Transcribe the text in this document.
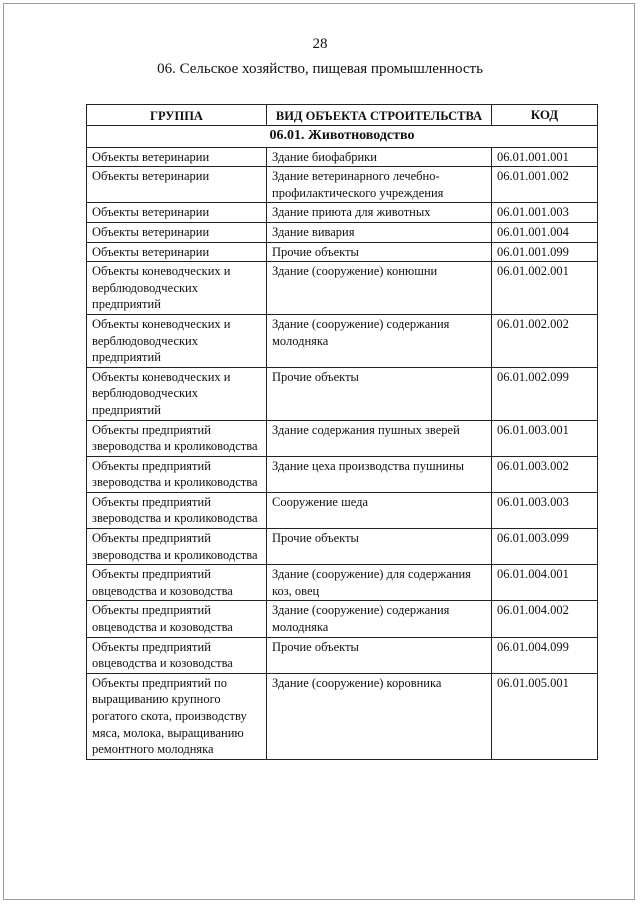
28
06. Сельское хозяйство, пищевая промышленность
ГРУППА	ВИД ОБЪЕКТА СТРОИТЕЛЬСТВА	КОД
06.01. Животноводство		
Объекты ветеринарии	Здание биофабрики	06.01.001.001
Объекты ветеринарии	Здание ветеринарного лечебно-профилактического учреждения	06.01.001.002
Объекты ветеринарии	Здание приюта для животных	06.01.001.003
Объекты ветеринарии	Здание вивария	06.01.001.004
Объекты ветеринарии	Прочие объекты	06.01.001.099
Объекты коневодческих и верблюдоводческих предприятий	Здание (сооружение) конюшни	06.01.002.001
Объекты коневодческих и верблюдоводческих предприятий	Здание (сооружение) содержания молодняка	06.01.002.002
Объекты коневодческих и верблюдоводческих предприятий	Прочие объекты	06.01.002.099
Объекты предприятий звероводства и кролиководства	Здание содержания пушных зверей	06.01.003.001
Объекты предприятий звероводства и кролиководства	Здание цеха производства пушнины	06.01.003.002
Объекты предприятий звероводства и кролиководства	Сооружение шеда	06.01.003.003
Объекты предприятий звероводства и кролиководства	Прочие объекты	06.01.003.099
Объекты предприятий овцеводства и козоводства	Здание (сооружение) для содержания коз, овец	06.01.004.001
Объекты предприятий овцеводства и козоводства	Здание (сооружение) содержания молодняка	06.01.004.002
Объекты предприятий овцеводства и козоводства	Прочие объекты	06.01.004.099
Объекты предприятий по выращиванию крупного рогатого скота, производству мяса, молока, выращиванию ремонтного молодняка	Здание (сооружение) коровника	06.01.005.001
